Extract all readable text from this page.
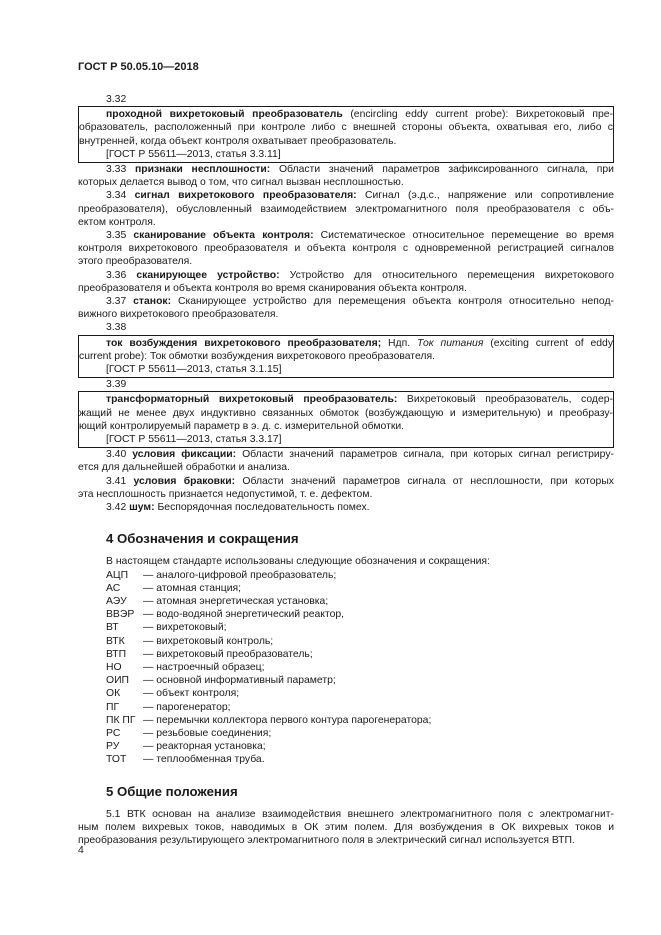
ГОСТ Р 50.05.10—2018
3.32

проходной вихретоковый преобразователь (encircling eddy current probe): Вихретоковый пре-

образователь, расположенный при контроле либо с внешней стороны объекта, охватывая его, либо с

внутренней, когда объект контроля охватывает преобразователь.

[ГОСТ Р 55611—2013, статья 3.3.11]

3.33 признаки несплошности: Области значений параметров зафиксированного сигнала, при

которых делается вывод о том, что сигнал вызван несплошностью.

3.34 сигнал вихретокового преобразователя: Сигнал (э.д.с., напряжение или сопротивление

преобразователя), обусловленный взаимодействием электромагнитного поля преобразователя с объ-

ектом контроля.

3.35 сканирование объекта контроля: Систематическое относительное перемещение во время

контроля вихретокового преобразователя и объекта контроля с одновременной регистрацией сигналов

этого преобразователя.

3.36 сканирующее устройство: Устройство для относительного перемещения вихретокового

преобразователя и объекта контроля во время сканирования объекта контроля.

3.37 станок: Сканирующее устройство для перемещения объекта контроля относительно непод-

вижного вихретокового преобразователя.

3.38

ток возбуждения вихретокового преобразователя; Ндп. Ток питания (exciting current of eddy

current probe): Ток обмотки возбуждения вихретокового преобразователя.

[ГОСТ Р 55611—2013, статья 3.1.15]

3.39

трансформаторный вихретоковый преобразователь: Вихретоковый преобразователь, содер-

жащий не менее двух индуктивно связанных обмоток (возбуждающую и измерительную) и преобразу-

ющий контролируемый параметр в э. д. с. измерительной обмотки.

[ГОСТ Р 55611—2013, статья 3.3.17]

3.40 условия фиксации: Области значений параметров сигнала, при которых сигнал регистриру-

ется для дальнейшей обработки и анализа.

3.41 условия браковки: Области значений параметров сигнала от несплошности, при которых

эта несплошность признается недопустимой, т. е. дефектом.

3.42 шум: Беспорядочная последовательность помех.

4 Обозначения и сокращения

В настоящем стандарте использованы следующие обозначения и сокращения:

АЦП	— аналого-цифровой преобразователь;
АС	— атомная станция;
АЭУ	— атомная энергетическая установка;
ВВЭР — водо-водяной энергетический реактор,
ВТ	— вихретоковый;
ВТК	— вихретоковый контроль;
ВТП	— вихретоковый преобразователь;
НО	— настроечный образец;
ОИП	— основной информативный параметр;
ОК	— объект контроля;
ПГ	— парогенератор;
ПК ПГ — перемычки коллектора первого контура парогенератора;
РС	— резьбовые соединения;
РУ	— реакторная установка;
ТОТ	— теплообменная труба.
5 Общие положения

5.1 ВТК основан на анализе взаимодействия внешнего электромагнитного поля с электромагнит-

ным полем вихревых токов, наводимых в ОК этим полем. Для возбуждения в ОК вихревых токов и

преобразования результирующего электромагнитного поля в электрический сигнал используется ВТП.

4
